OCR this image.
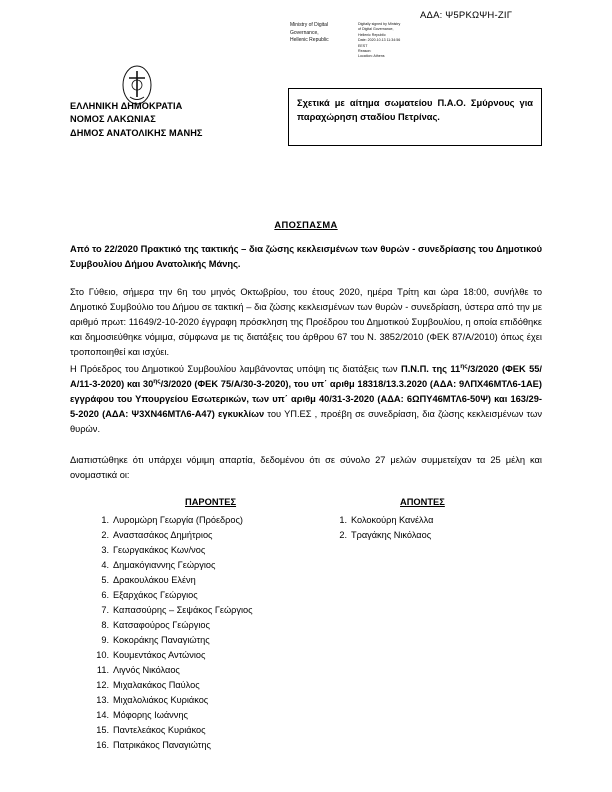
ΑΔΑ: Ψ5ΡΚΩΨΗ-ΖΙΓ
Ministry of Digital
Governance,
Hellenic Republic
Digitally signed by Ministry
of Digital Governance,
Hellenic Republic
Date: 2020.10.13 11:34:56
EEST
Reason:
Location: Athens
ΕΛΛΗΝΙΚΗ ΔΗΜΟΚΡΑΤΙΑ
ΝΟΜΟΣ ΛΑΚΩΝΙΑΣ
ΔΗΜΟΣ ΑΝΑΤΟΛΙΚΗΣ ΜΑΝΗΣ
Σχετικά με αίτημα σωματείου Π.Α.Ο. Σμύρνους για παραχώρηση σταδίου Πετρίνας.
ΑΠΟΣΠΑΣΜΑ
Από το 22/2020 Πρακτικό της τακτικής – δια ζώσης κεκλεισμένων των θυρών - συνεδρίασης του Δημοτικού Συμβουλίου Δήμου Ανατολικής Μάνης.
Στο Γύθειο, σήμερα την 6η του μηνός Οκτωβρίου, του έτους 2020, ημέρα Τρίτη και ώρα 18:00, συνήλθε το Δημοτικό Συμβούλιο του Δήμου σε τακτική – δια ζώσης κεκλεισμένων των θυρών - συνεδρίαση, ύστερα από την με αριθμό πρωτ: 11649/2-10-2020 έγγραφη πρόσκληση της Προέδρου του Δημοτικού Συμβουλίου, η οποία επιδόθηκε και δημοσιεύθηκε νόμιμα, σύμφωνα με τις διατάξεις του άρθρου 67 του Ν. 3852/2010 (ΦΕΚ 87/Α/2010) όπως έχει τροποποιηθεί και ισχύει.
Η Πρόεδρος του Δημοτικού Συμβουλίου λαμβάνοντας υπόψη τις διατάξεις των Π.Ν.Π. της $11^{\eta\varsigma}/3/2020$ (ΦΕΚ 55/Α/11-3-2020) και $30^{\eta\varsigma}/3/2020$ (ΦΕΚ 75/Α/30-3-2020), του υπ΄ αριθμ 18318/13.3.2020 (ΑΔΑ: 9ΛΠΧ46ΜΤΛ6-1ΑΕ) εγγράφου του Υπουργείου Εσωτερικών, των υπ΄ αριθμ 40/31-3-2020 (ΑΔΑ: 6ΩΠΥ46ΜΤΛ6-50Ψ) και 163/29-5-2020 (ΑΔΑ: Ψ3ΧΝ46ΜΤΛ6-Α47) εγκυκλίων του ΥΠ.ΕΣ , προέβη σε συνεδρίαση, δια ζώσης κεκλεισμένων των θυρών.
Διαπιστώθηκε ότι υπάρχει νόμιμη απαρτία, δεδομένου ότι σε σύνολο 27 μελών συμμετείχαν τα 25 μέλη και ονομαστικά οι:
ΠΑΡΟΝΤΕΣ	ΑΠΟΝΤΕΣ
1. Λυρομώρη Γεωργία (Πρόεδρος)
2. Αναστασάκος Δημήτριος
3. Γεωργακάκος Κων/νος
4. Δημακόγιαννης Γεώργιος
5. Δρακουλάκου Ελένη
6. Εξαρχάκος Γεώργιος
7. Καπασούρης – Σεψάκος Γεώργιος
8. Κατσαφούρος Γεώργιος
9. Κοκοράκης Παναγιώτης
10. Κουμεντάκος Αντώνιος
11. Λιγνός Νικόλαος
12. Μιχαλακάκος Παύλος
13. Μιχαλολιάκος Κυριάκος
14. Μόφορης Ιωάννης
15. Παντελεάκος Κυριάκος
16. Πατρικάκος Παναγιώτης
1. Κολοκούρη Κανέλλα
2. Τραγάκης Νικόλαος
